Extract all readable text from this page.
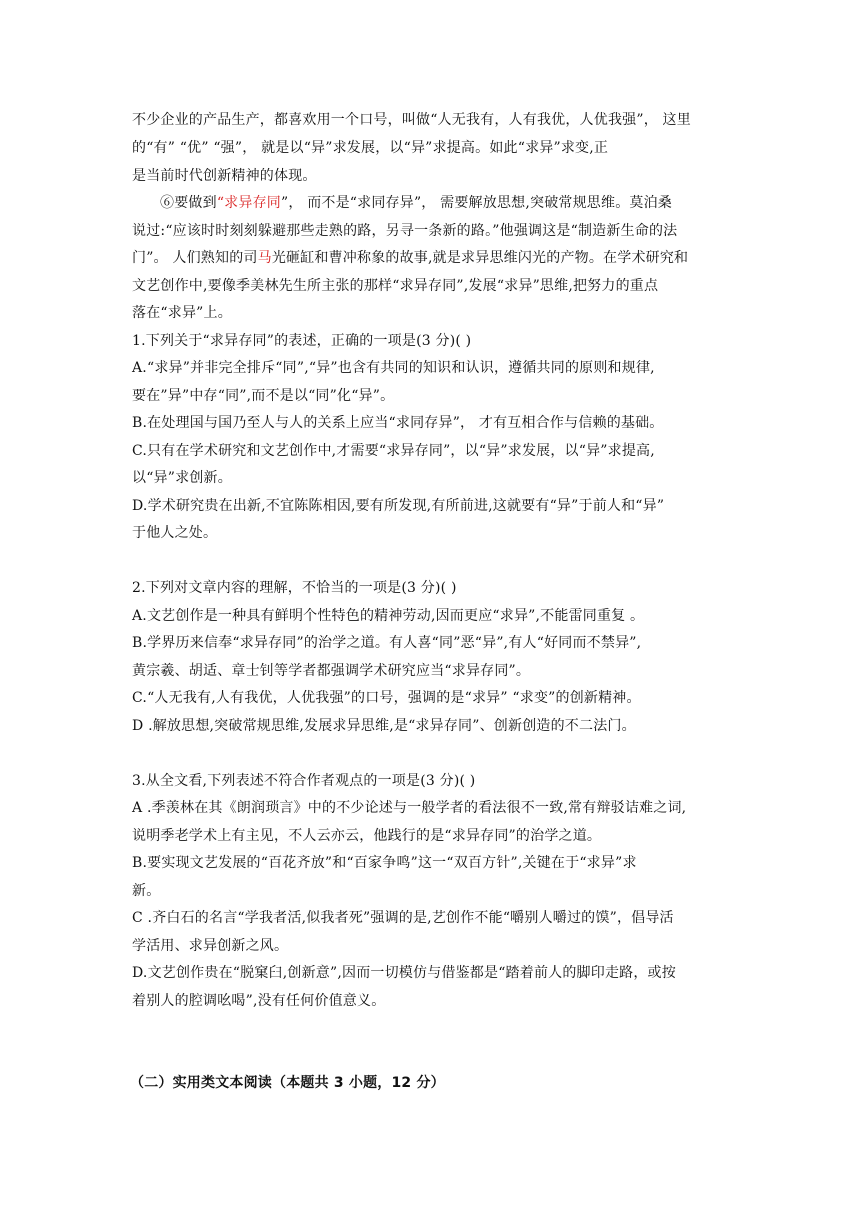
不少企业的产品生产，都喜欢用一个口号，叫做“人无我有，人有我优，人优我强”， 这里
的“有” “优” “强”， 就是以“异”求发展，以“异”求提高。如此“求异”求变,正
是当前时代创新精神的体现。
⑥要做到“求异存同”， 而不是“求同存异”， 需要解放思想,突破常规思维。莫泊桑
说过:“应该时时刻刻躲避那些走熟的路，另寻一条新的路。”他强调这是“制造新生命的法
门”。 人们熟知的司马光砸缸和曹冲称象的故事,就是求异思维闪光的产物。在学术研究和
文艺创作中,要像季美林先生所主张的那样“求异存同”,发展“求异”思维,把努力的重点
落在“求异”上。
1.下列关于“求异存同”的表述，正确的一项是(3 分)( )
A.“求异”并非完全排斥“同”,“异”也含有共同的知识和认识，遵循共同的原则和规律,
要在”异”中存“同”,而不是以“同”化“异”。
B.在处理国与国乃至人与人的关系上应当“求同存异”， 才有互相合作与信赖的基础。
C.只有在学术研究和文艺创作中,才需要“求异存同”，以“异”求发展，以“异”求提高,
以“异”求创新。
D.学术研究贵在出新,不宜陈陈相因,要有所发现,有所前进,这就要有“异”于前人和“异”
于他人之处。
2.下列对文章内容的理解，不恰当的一项是(3 分)( )
A.文艺创作是一种具有鲜明个性特色的精神劳动,因而更应“求异”,不能雷同重复 。
B.学界历来信奉“求异存同”的治学之道。有人喜“同”恶“异”,有人“好同而不禁异”,
黄宗羲、胡适、章士钊等学者都强调学术研究应当“求异存同”。
C.“人无我有,人有我优，人优我强”的口号，强调的是“求异” “求变”的创新精神。
D .解放思想,突破常规思维,发展求异思维,是“求异存同”、创新创造的不二法门。
3.从全文看,下列表述不符合作者观点的一项是(3 分)( )
A .季羡林在其《朗润琐言》中的不少论述与一般学者的看法很不一致,常有辩驳诘难之词,
说明季老学术上有主见，不人云亦云，他践行的是“求异存同”的治学之道。
B.要实现文艺发展的“百花齐放”和“百家争鸣”这一“双百方针”,关键在于“求异”求
新。
C .齐白石的名言“学我者活,似我者死”强调的是,艺创作不能“嚼别人嚼过的馍”，倡导活
学活用、求异创新之风。
D.文艺创作贵在“脱窠臼,创新意”,因而一切模仿与借鉴都是“踏着前人的脚印走路，或按
着别人的腔调吆喝”,没有任何价值意义。
（二）实用类文本阅读（本题共 3 小题，12 分）
